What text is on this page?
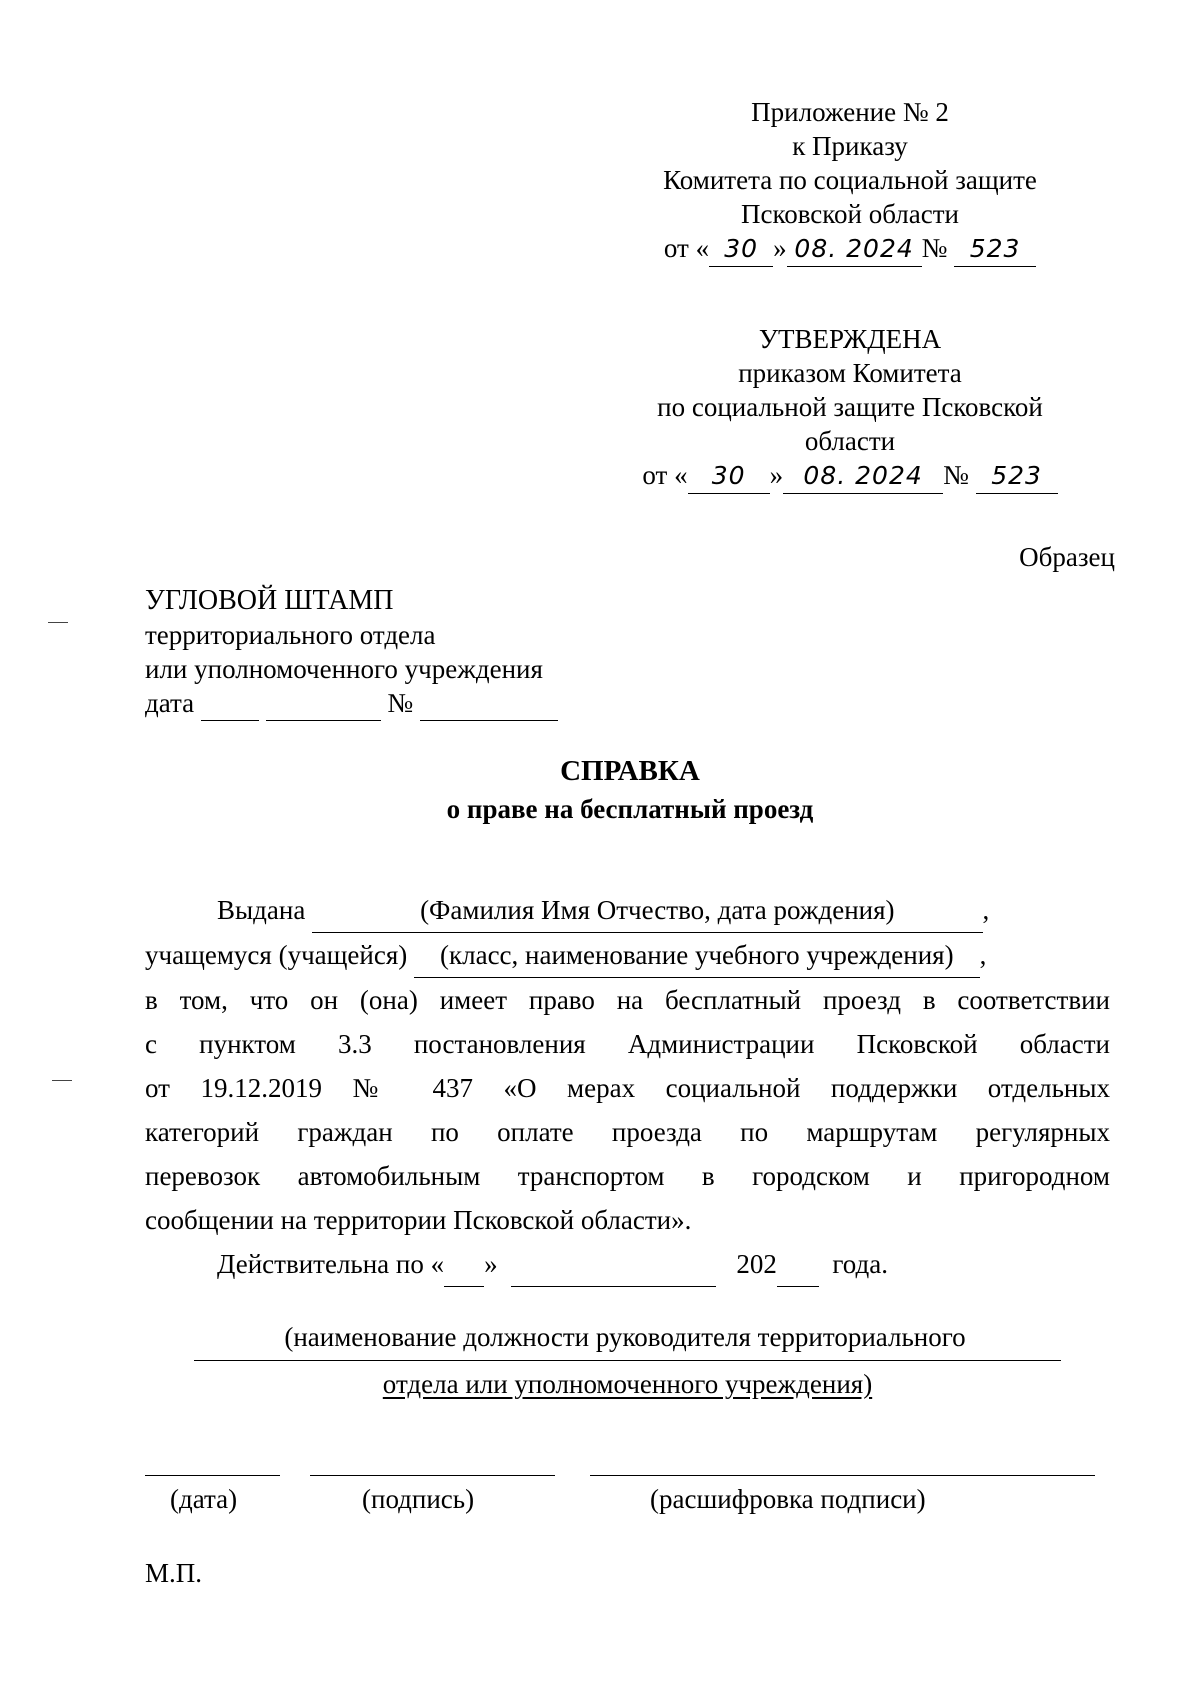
Приложение № 2
к Приказу
Комитета по социальной защите
Псковской области
от « 30 » 08. 2024 № 523
УТВЕРЖДЕНА
приказом Комитета
по социальной защите Псковской
области
от « 30 » 08. 2024 № 523
Образец
УГЛОВОЙ ШТАМП
территориального отдела
или уполномоченного учреждения
дата	№
СПРАВКА
о праве на бесплатный проезд
Выдана	(Фамилия Имя Отчество, дата рождения)	,
учащемуся (учащейся) (класс, наименование учебного учреждения) ,
в том, что он (она) имеет право на бесплатный проезд в соответствии
с пунктом 3.3 постановления Администрации Псковской области
от 19.12.2019 № 437 «О мерах социальной поддержки отдельных
категорий граждан по оплате проезда по маршрутам регулярных
перевозок автомобильным транспортом в городском и пригородном
сообщении на территории Псковской области».
Действительна по « »	202 года.
(наименование должности руководителя территориального
отдела или уполномоченного учреждения)
(дата)	(подпись)	(расшифровка подписи)
М.П.
